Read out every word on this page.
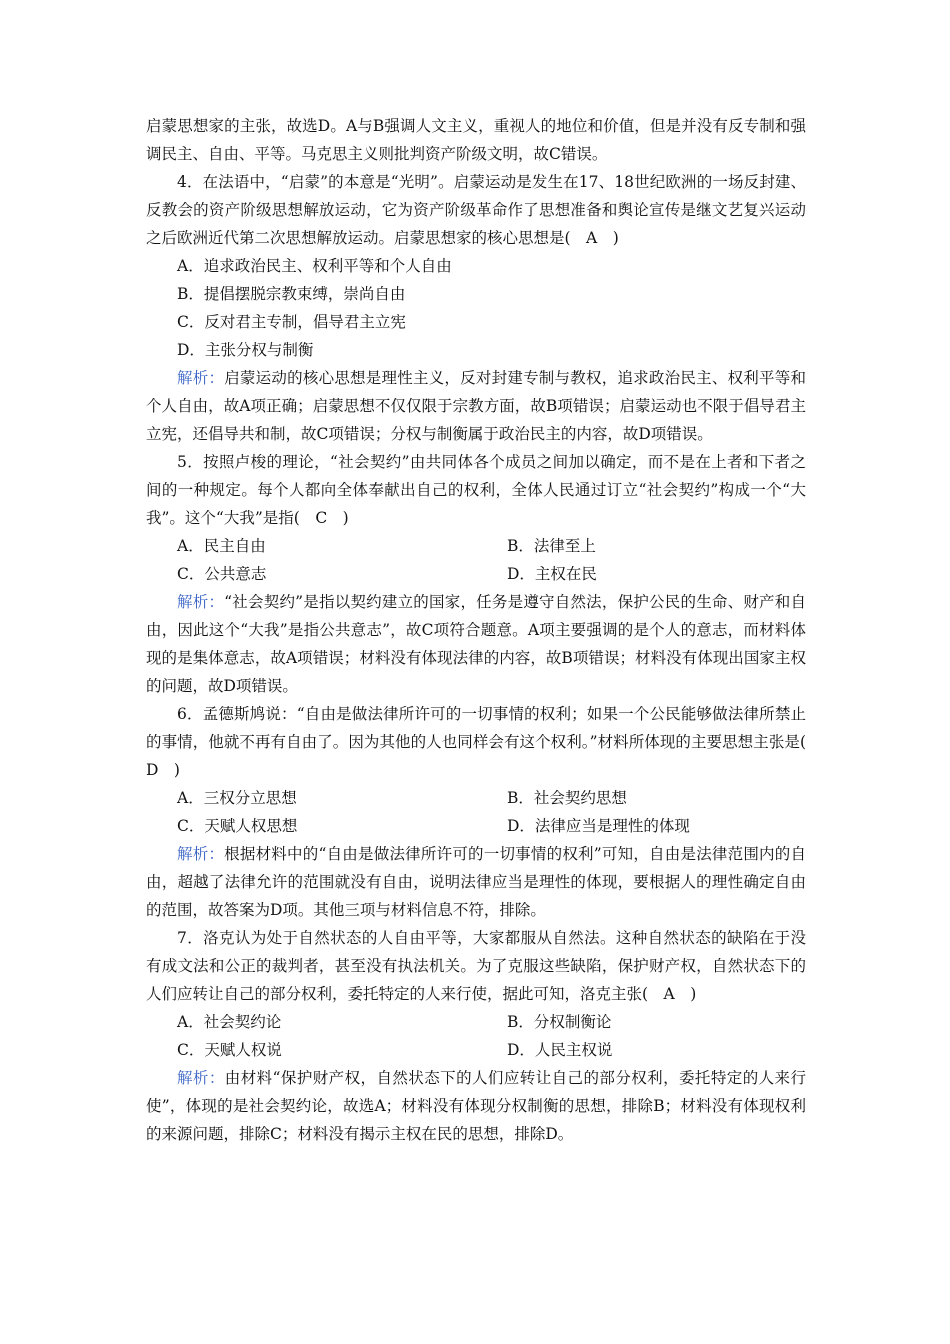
启蒙思想家的主张，故选D。A与B强调人文主义，重视人的地位和价值，但是并没有反专制和强调民主、自由、平等。马克思主义则批判资产阶级文明，故C错误。

4．在法语中，“启蒙”的本意是“光明”。启蒙运动是发生在17、18世纪欧洲的一场反封建、反教会的资产阶级思想解放运动，它为资产阶级革命作了思想准备和舆论宣传是继文艺复兴运动之后欧洲近代第二次思想解放运动。启蒙思想家的核心思想是(　A　)

A．追求政治民主、权利平等和个人自由

B．提倡摆脱宗教束缚，崇尚自由

C．反对君主专制，倡导君主立宪

D．主张分权与制衡

解析：启蒙运动的核心思想是理性主义，反对封建专制与教权，追求政治民主、权利平等和个人自由，故A项正确；启蒙思想不仅仅限于宗教方面，故B项错误；启蒙运动也不限于倡导君主立宪，还倡导共和制，故C项错误；分权与制衡属于政治民主的内容，故D项错误。

5．按照卢梭的理论，“社会契约”由共同体各个成员之间加以确定，而不是在上者和下者之间的一种规定。每个人都向全体奉献出自己的权利，全体人民通过订立“社会契约”构成一个“大我”。这个“大我”是指(　C　)

A．民主自由	B．法律至上

C．公共意志	D．主权在民

解析：“社会契约”是指以契约建立的国家，任务是遵守自然法，保护公民的生命、财产和自由，因此这个“大我”是指公共意志”，故C项符合题意。A项主要强调的是个人的意志，而材料体现的是集体意志，故A项错误；材料没有体现法律的内容，故B项错误；材料没有体现出国家主权的问题，故D项错误。

6．孟德斯鸠说：“自由是做法律所许可的一切事情的权利；如果一个公民能够做法律所禁止的事情，他就不再有自由了。因为其他的人也同样会有这个权利。”材料所体现的主要思想主张是(　D　)

A．三权分立思想	B．社会契约思想

C．天赋人权思想	D．法律应当是理性的体现

解析：根据材料中的“自由是做法律所许可的一切事情的权利”可知，自由是法律范围内的自由，超越了法律允许的范围就没有自由，说明法律应当是理性的体现，要根据人的理性确定自由的范围，故答案为D项。其他三项与材料信息不符，排除。

7．洛克认为处于自然状态的人自由平等，大家都服从自然法。这种自然状态的缺陷在于没有成文法和公正的裁判者，甚至没有执法机关。为了克服这些缺陷，保护财产权，自然状态下的人们应转让自己的部分权利，委托特定的人来行使，据此可知，洛克主张(　A　)

A．社会契约论	B．分权制衡论

C．天赋人权说	D．人民主权说

解析：由材料“保护财产权，自然状态下的人们应转让自己的部分权利，委托特定的人来行使”，体现的是社会契约论，故选A；材料没有体现分权制衡的思想，排除B；材料没有体现权利的来源问题，排除C；材料没有揭示主权在民的思想，排除D。
